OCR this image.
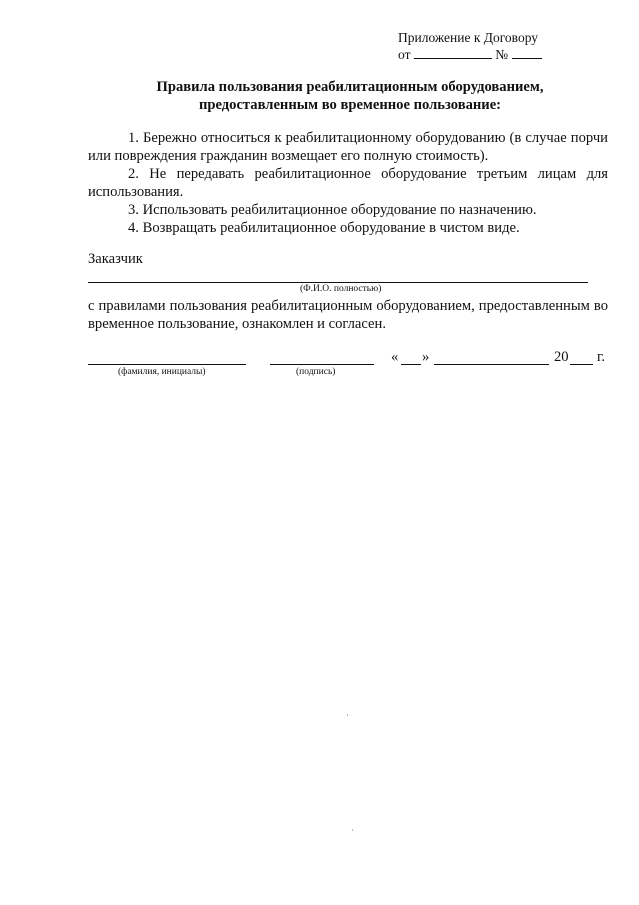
Приложение к Договору
от	№
Правила пользования реабилитационным оборудованием,
предоставленным во временное пользование:

1. Бережно относиться к реабилитационному оборудованию (в случае порчи или повреждения гражданин возмещает его полную стоимость).

2. Не передавать реабилитационное оборудование третьим лицам для использования.

3. Использовать реабилитационное оборудование по назначению.

4. Возвращать реабилитационное оборудование в чистом виде.

Заказчик
(Ф.И.О. полностью)
с правилами пользования реабилитационным оборудованием, предоставленным во временное пользование, ознакомлен и согласен.
« »	20 г.
(фамилия, инициалы)	(подпись)
